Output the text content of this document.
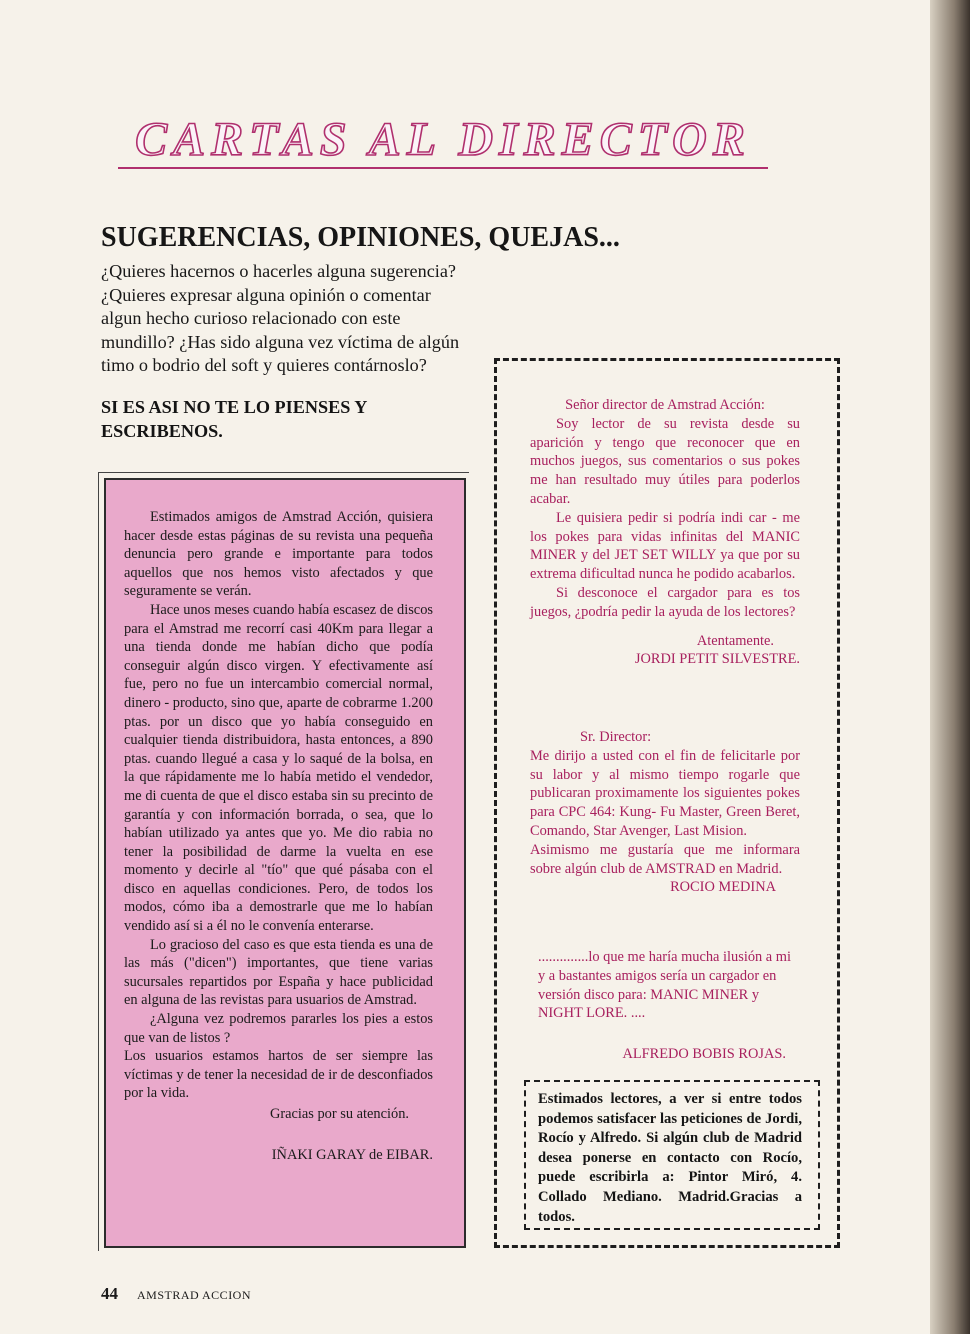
CARTAS AL DIRECTOR
SUGERENCIAS, OPINIONES, QUEJAS...
¿Quieres hacernos o hacerles alguna sugerencia?¿Quieres expresar alguna opinión o comentar algun hecho curioso relacionado con este mundillo? ¿Has sido alguna vez víctima de algún timo o bodrio del soft y quieres contárnoslo?
SI ES ASI NO TE LO PIENSES Y ESCRIBENOS.

Estimados amigos de Amstrad Acción, quisiera hacer desde estas páginas de su revista una pequeña denuncia pero grande e importante para todos aquellos que nos hemos visto afectados y que seguramente se verán.

Hace unos meses cuando había escasez de discos para el Amstrad me recorrí casi 40Km para llegar a una tienda donde me habían dicho que podía conseguir algún disco virgen. Y efectivamente así fue, pero no fue un intercambio comercial normal, dinero - producto, sino que, aparte de cobrarme 1.200 ptas. por un disco que yo había conseguido en cualquier tienda distribuidora, hasta entonces, a 890 ptas. cuando llegué a casa y lo saqué de la bolsa, en la que rápidamente me lo había metido el vendedor, me di cuenta de que el disco estaba sin su precinto de garantía y con información borrada, o sea, que lo habían utilizado ya antes que yo. Me dio rabia no tener la posibilidad de darme la vuelta en ese momento y decirle al "tío" que qué pásaba con el disco en aquellas condiciones. Pero, de todos los modos, cómo iba a demostrarle que me lo habían vendido así si a él no le convenía enterarse.

Lo gracioso del caso es que esta tienda es una de las más ("dicen") importantes, que tiene varias sucursales repartidos por España y hace publicidad en alguna de las revistas para usuarios de Amstrad.

¿Alguna vez podremos pararles los pies a estos que van de listos ?

Los usuarios estamos hartos de ser siempre las víctimas y de tener la necesidad de ir de desconfiados por la vida.

Gracias por su atención.

IÑAKI GARAY de EIBAR.

Señor director de Amstrad Acción:

Soy lector de su revista desde su aparición y tengo que reconocer que en muchos juegos, sus comentarios o sus pokes me han resultado muy útiles para poderlos acabar.

Le quisiera pedir si podría indi car - me los pokes para vidas infinitas del MANIC MINER y del JET SET WILLY ya que por su extrema dificultad nunca he podido acabarlos.

Si desconoce el cargador para es tos juegos, ¿podría pedir la ayuda de los lectores?

Atentamente.

JORDI PETIT SILVESTRE.

Sr. Director:

Me dirijo a usted con el fin de felicitarle por su labor y al mismo tiempo rogarle que publicaran proximamente los siguientes pokes para CPC 464: Kung- Fu Master, Green Beret, Comando, Star Avenger, Last Mision.

Asimismo me gustaría que me informara sobre algún club de AMSTRAD en Madrid.

ROCIO MEDINA

..............lo que me haría mucha ilusión a mi y a bastantes amigos sería un cargador en versión disco para: MANIC MINER y NIGHT LORE. ....

ALFREDO BOBIS ROJAS.

Estimados lectores, a ver si entre todos podemos satisfacer las peticiones de Jordi, Rocío y Alfredo. Si algún club de Madrid desea ponerse en contacto con Rocío, puede escribirla a: Pintor Miró, 4. Collado Mediano. Madrid.Gracias a todos.
44 AMSTRAD ACCION
